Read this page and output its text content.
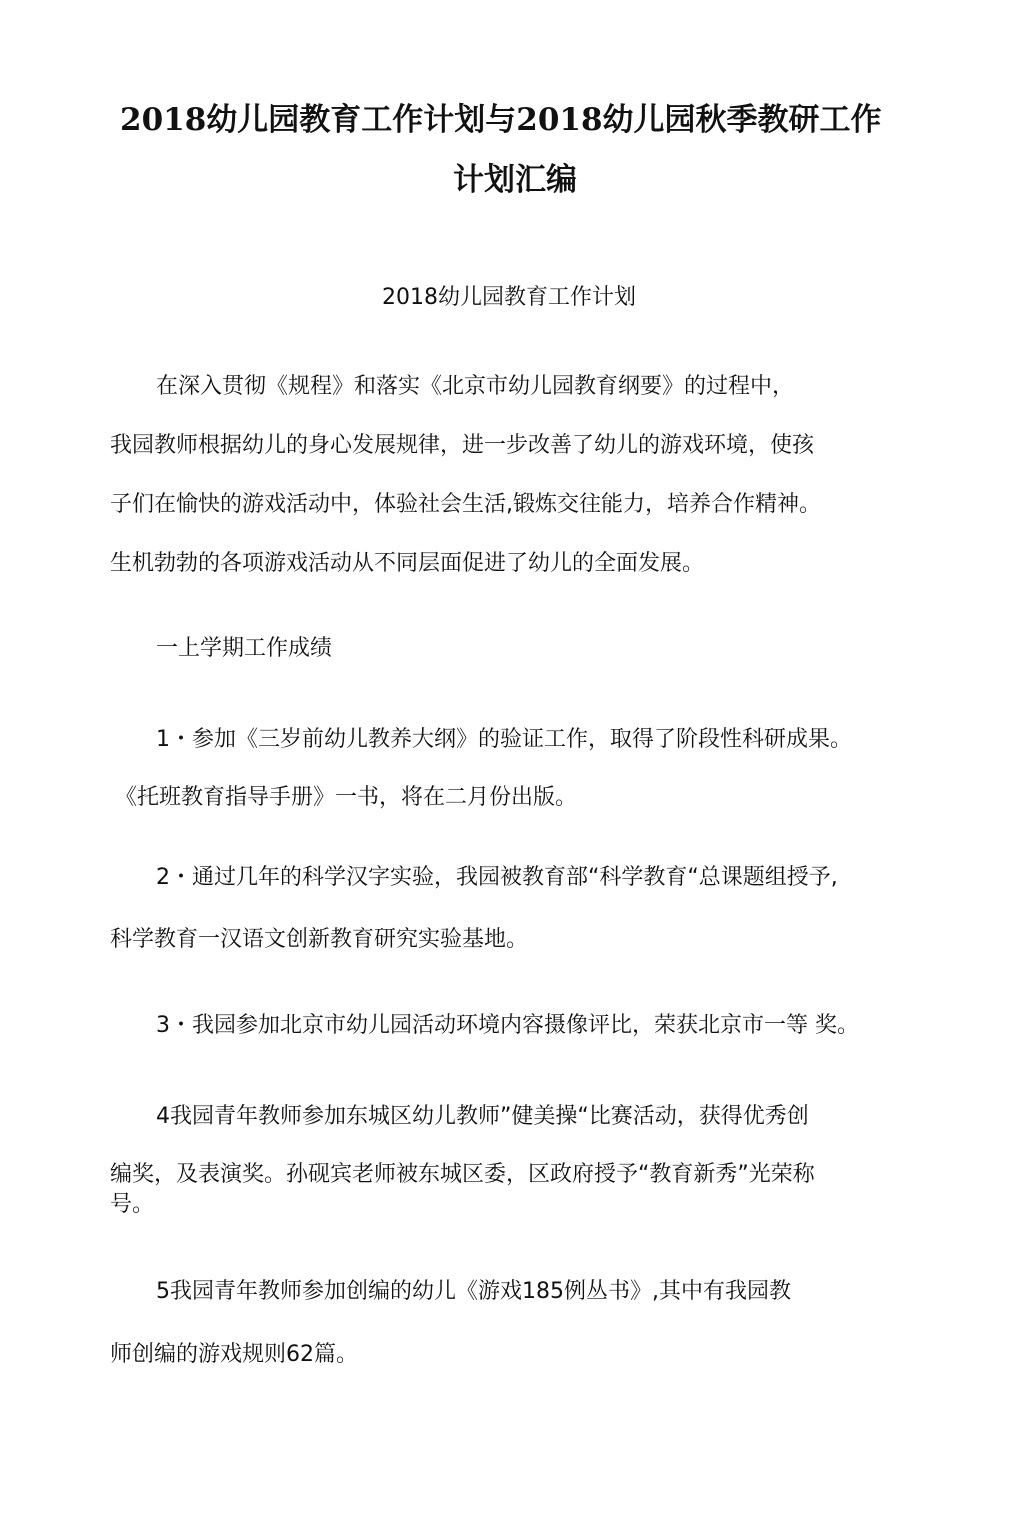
2018幼儿园教育工作计划与2018幼儿园秋季教研工作
计划汇编
2018幼儿园教育工作计划

在深入贯彻《规程》和落实《北京市幼儿园教育纲要》的过程中，

我园教师根据幼儿的身心发展规律，进一步改善了幼儿的游戏环境，使孩

子们在愉快的游戏活动中，体验社会生活,锻炼交往能力，培养合作精神。

生机勃勃的各项游戏活动从不同层面促进了幼儿的全面发展。

一上学期工作成绩

1・参加《三岁前幼儿教养大纲》的验证工作，取得了阶段性科研成果。

《托班教育指导手册》一书，将在二月份出版。

2・通过几年的科学汉字实验，我园被教育部“科学教育“总课题组授予,

科学教育一汉语文创新教育研究实验基地。

3・我园参加北京市幼儿园活动环境内容摄像评比，荣获北京市一等 奖。

4我园青年教师参加东城区幼儿教师”健美操“比赛活动，获得优秀创

编奖，及表演奖。孙砚宾老师被东城区委，区政府授予“教育新秀”光荣称

号。

5我园青年教师参加创编的幼儿《游戏185例丛书》,其中有我园教

师创编的游戏规则62篇。
